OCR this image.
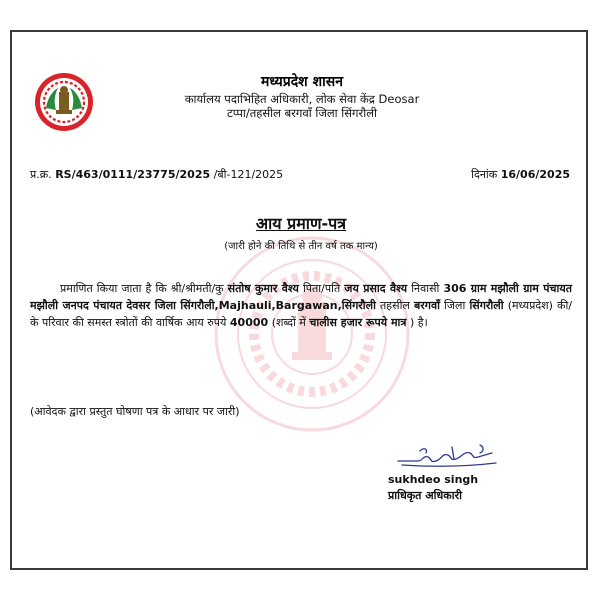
मध्यप्रदेश शासन
कार्यालय पदाभिहित अधिकारी, लोक सेवा केंद्र Deosar
टप्पा/तहसील बरगवाँ जिला सिंगरौली
प्र.क्र. RS/463/0111/23775/2025 /बी-121/2025	दिनांक 16/06/2025
आय प्रमाण-पत्र
(जारी होने की तिथि से तीन वर्ष तक मान्य)

प्रमाणित किया जाता है कि श्री/श्रीमती/कु संतोष कुमार वैश्य पिता/पति जय प्रसाद वैश्य निवासी 306 ग्राम मझौली ग्राम पंचायत मझौली जनपद पंचायत देवसर जिला सिंगरौली,Majhauli,Bargawan,सिंगरौली तहसील बरगवाँ जिला सिंगरौली (मध्यप्रदेश) की/के परिवार की समस्त स्त्रोतों की वार्षिक आय रुपये 40000 (शब्दों में चालीस हजार रूपये मात्र ) है।

(आवेदक द्वारा प्रस्तुत घोषणा पत्र के आधार पर जारी)
sukhdeo singh
प्राधिकृत अधिकारी
